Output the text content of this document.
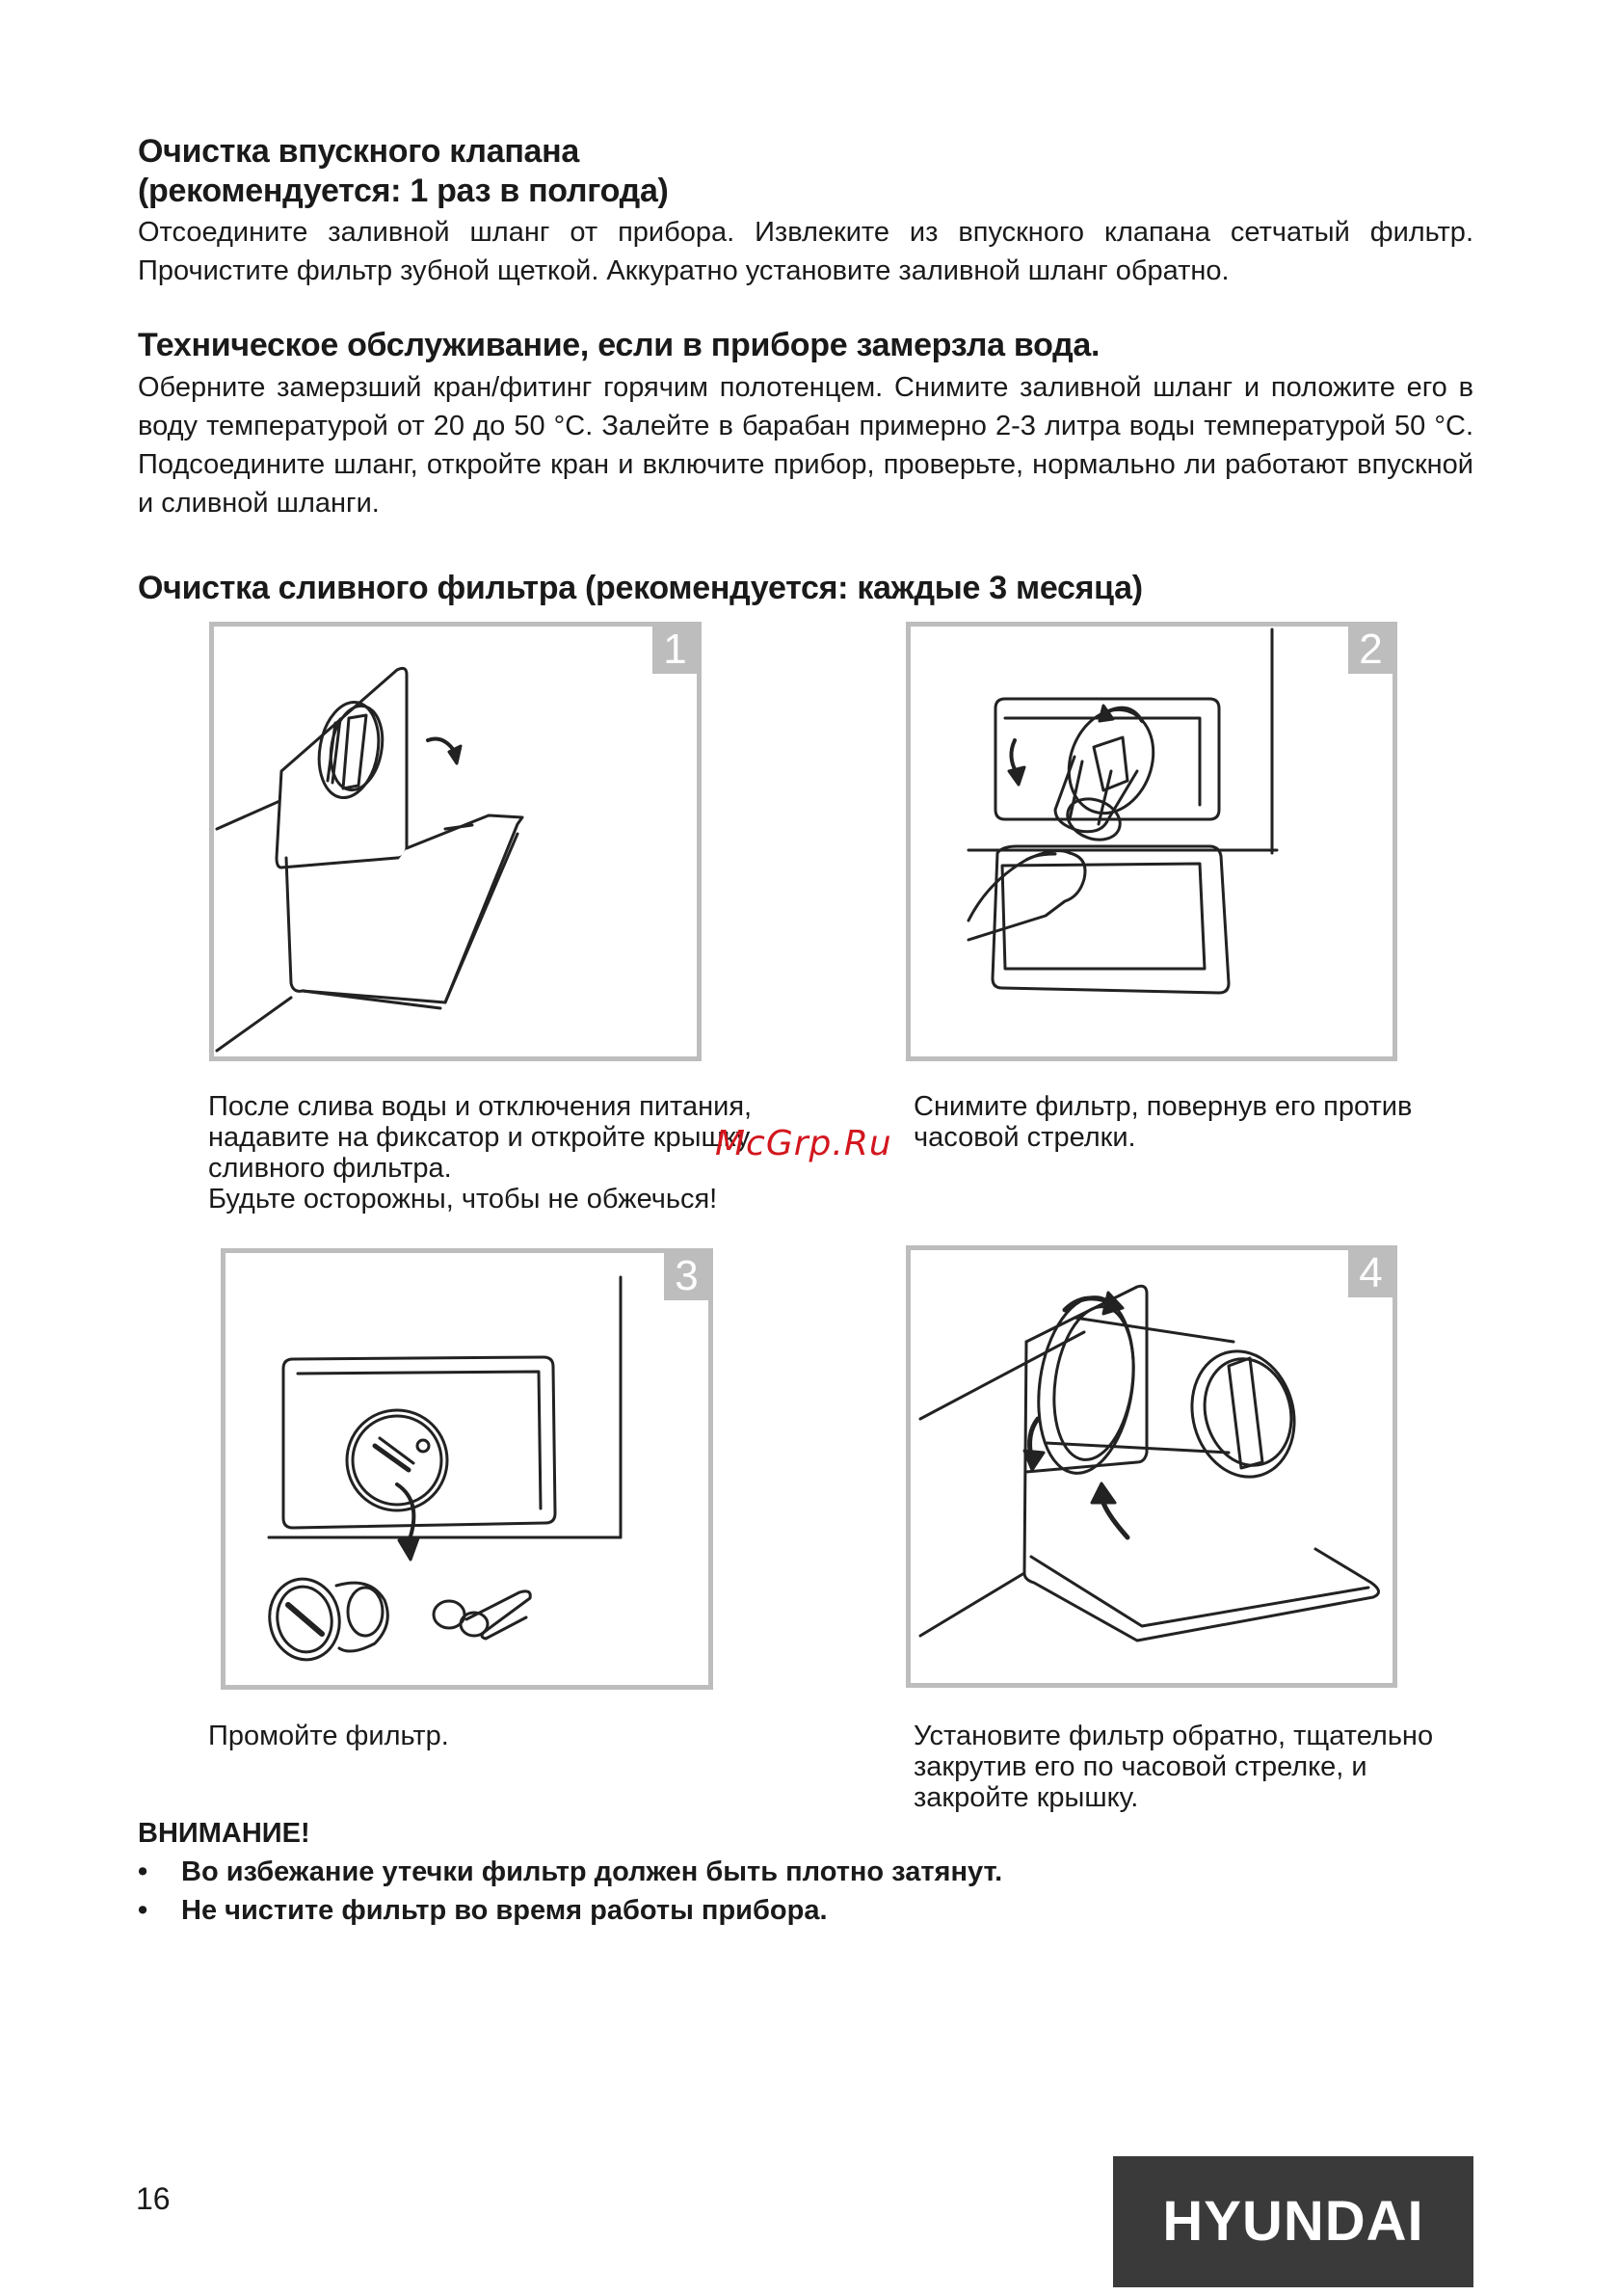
Очистка впускного клапана
(рекомендуется: 1 раз в полгода)
Отсоедините заливной шланг от прибора. Извлеките из впускного клапана сетчатый фильтр. Прочистите фильтр зубной щеткой. Аккуратно установите заливной шланг обратно.
Техническое обслуживание, если в приборе замерзла вода.
Оберните замерзший кран/фитинг горячим полотенцем. Снимите заливной шланг и положите его в воду температурой от 20 до 50 °С. Залейте в барабан примерно 2-3 литра воды температурой 50 °С. Подсоедините шланг, откройте кран и включите прибор, проверьте, нормально ли работают впускной и сливной шланги.
Очистка сливного фильтра (рекомендуется: каждые 3 месяца)
1	2
После слива воды и отключения питания,
надавите на фиксатор и откройте крышку
сливного фильтра.
Будьте осторожны, чтобы не обжечься!
Снимите фильтр, повернув его против
часовой стрелки.
McGrp.Ru
3	4
Промойте фильтр.	Установите фильтр обратно, тщательно
закрутив его по часовой стрелке, и
закройте крышку.
ВНИМАНИЕ!
• Во избежание утечки фильтр должен быть плотно затянут.
• Не чистите фильтр во время работы прибора.
16	HYUNDAI
